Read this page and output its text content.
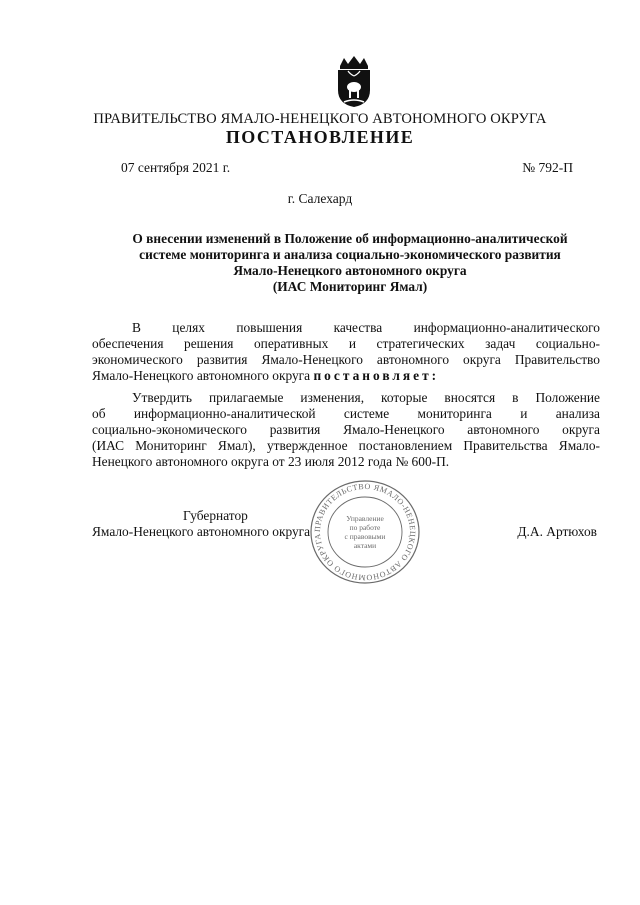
ПРАВИТЕЛЬСТВО ЯМАЛО-НЕНЕЦКОГО АВТОНОМНОГО ОКРУГА
ПОСТАНОВЛЕНИЕ
07 сентября 2021 г.	№ 792-П
г. Салехард
О внесении изменений в Положение об информационно-аналитической
системе мониторинга и анализа социально-экономического развития
Ямало-Ненецкого автономного округа
(ИАС Мониторинг Ямал)
В целях повышения качества информационно-аналитического
обеспечения решения оперативных и стратегических задач социально-
экономического развития Ямало-Ненецкого автономного округа Правительство
Ямало-Ненецкого автономного округа постановляет:
Утвердить прилагаемые изменения, которые вносятся в Положение
об информационно-аналитической системе мониторинга и анализа
социально-экономического развития Ямало-Ненецкого автономного округа
(ИАС Мониторинг Ямал), утвержденное постановлением Правительства Ямало-
Ненецкого автономного округа от 23 июля 2012 года № 600-П.
Губернатор
Ямало-Ненецкого автономного округа	Д.А. Артюхов
ПРАВИТЕЛЬСТВО ЯМАЛО-НЕНЕЦКОГО АВТОНОМНОГО ОКРУГА
Управление
по работе
с правовыми
актами
